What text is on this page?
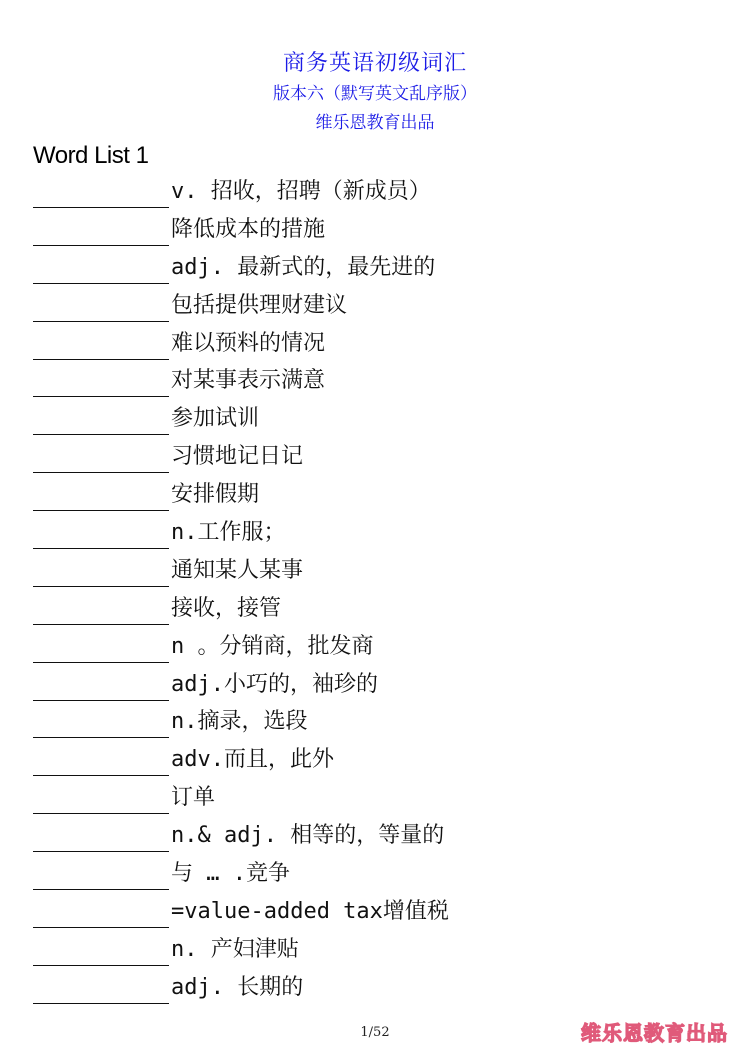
商务英语初级词汇
版本六（默写英文乱序版）
维乐恩教育出品
Word List 1
v. 招收，招聘（新成员）
降低成本的措施
adj. 最新式的，最先进的
包括提供理财建议
难以预料的情况
对某事表示满意
参加试训
习惯地记日记
安排假期
n.工作服；
通知某人某事
接收，接管
n 。分销商，批发商
adj.小巧的，袖珍的
n.摘录，选段
adv.而且，此外
订单
n.& adj. 相等的，等量的
与 … .竞争
=value-added tax增值税
n. 产妇津贴
adj. 长期的
1/52	维乐恩教育出品
